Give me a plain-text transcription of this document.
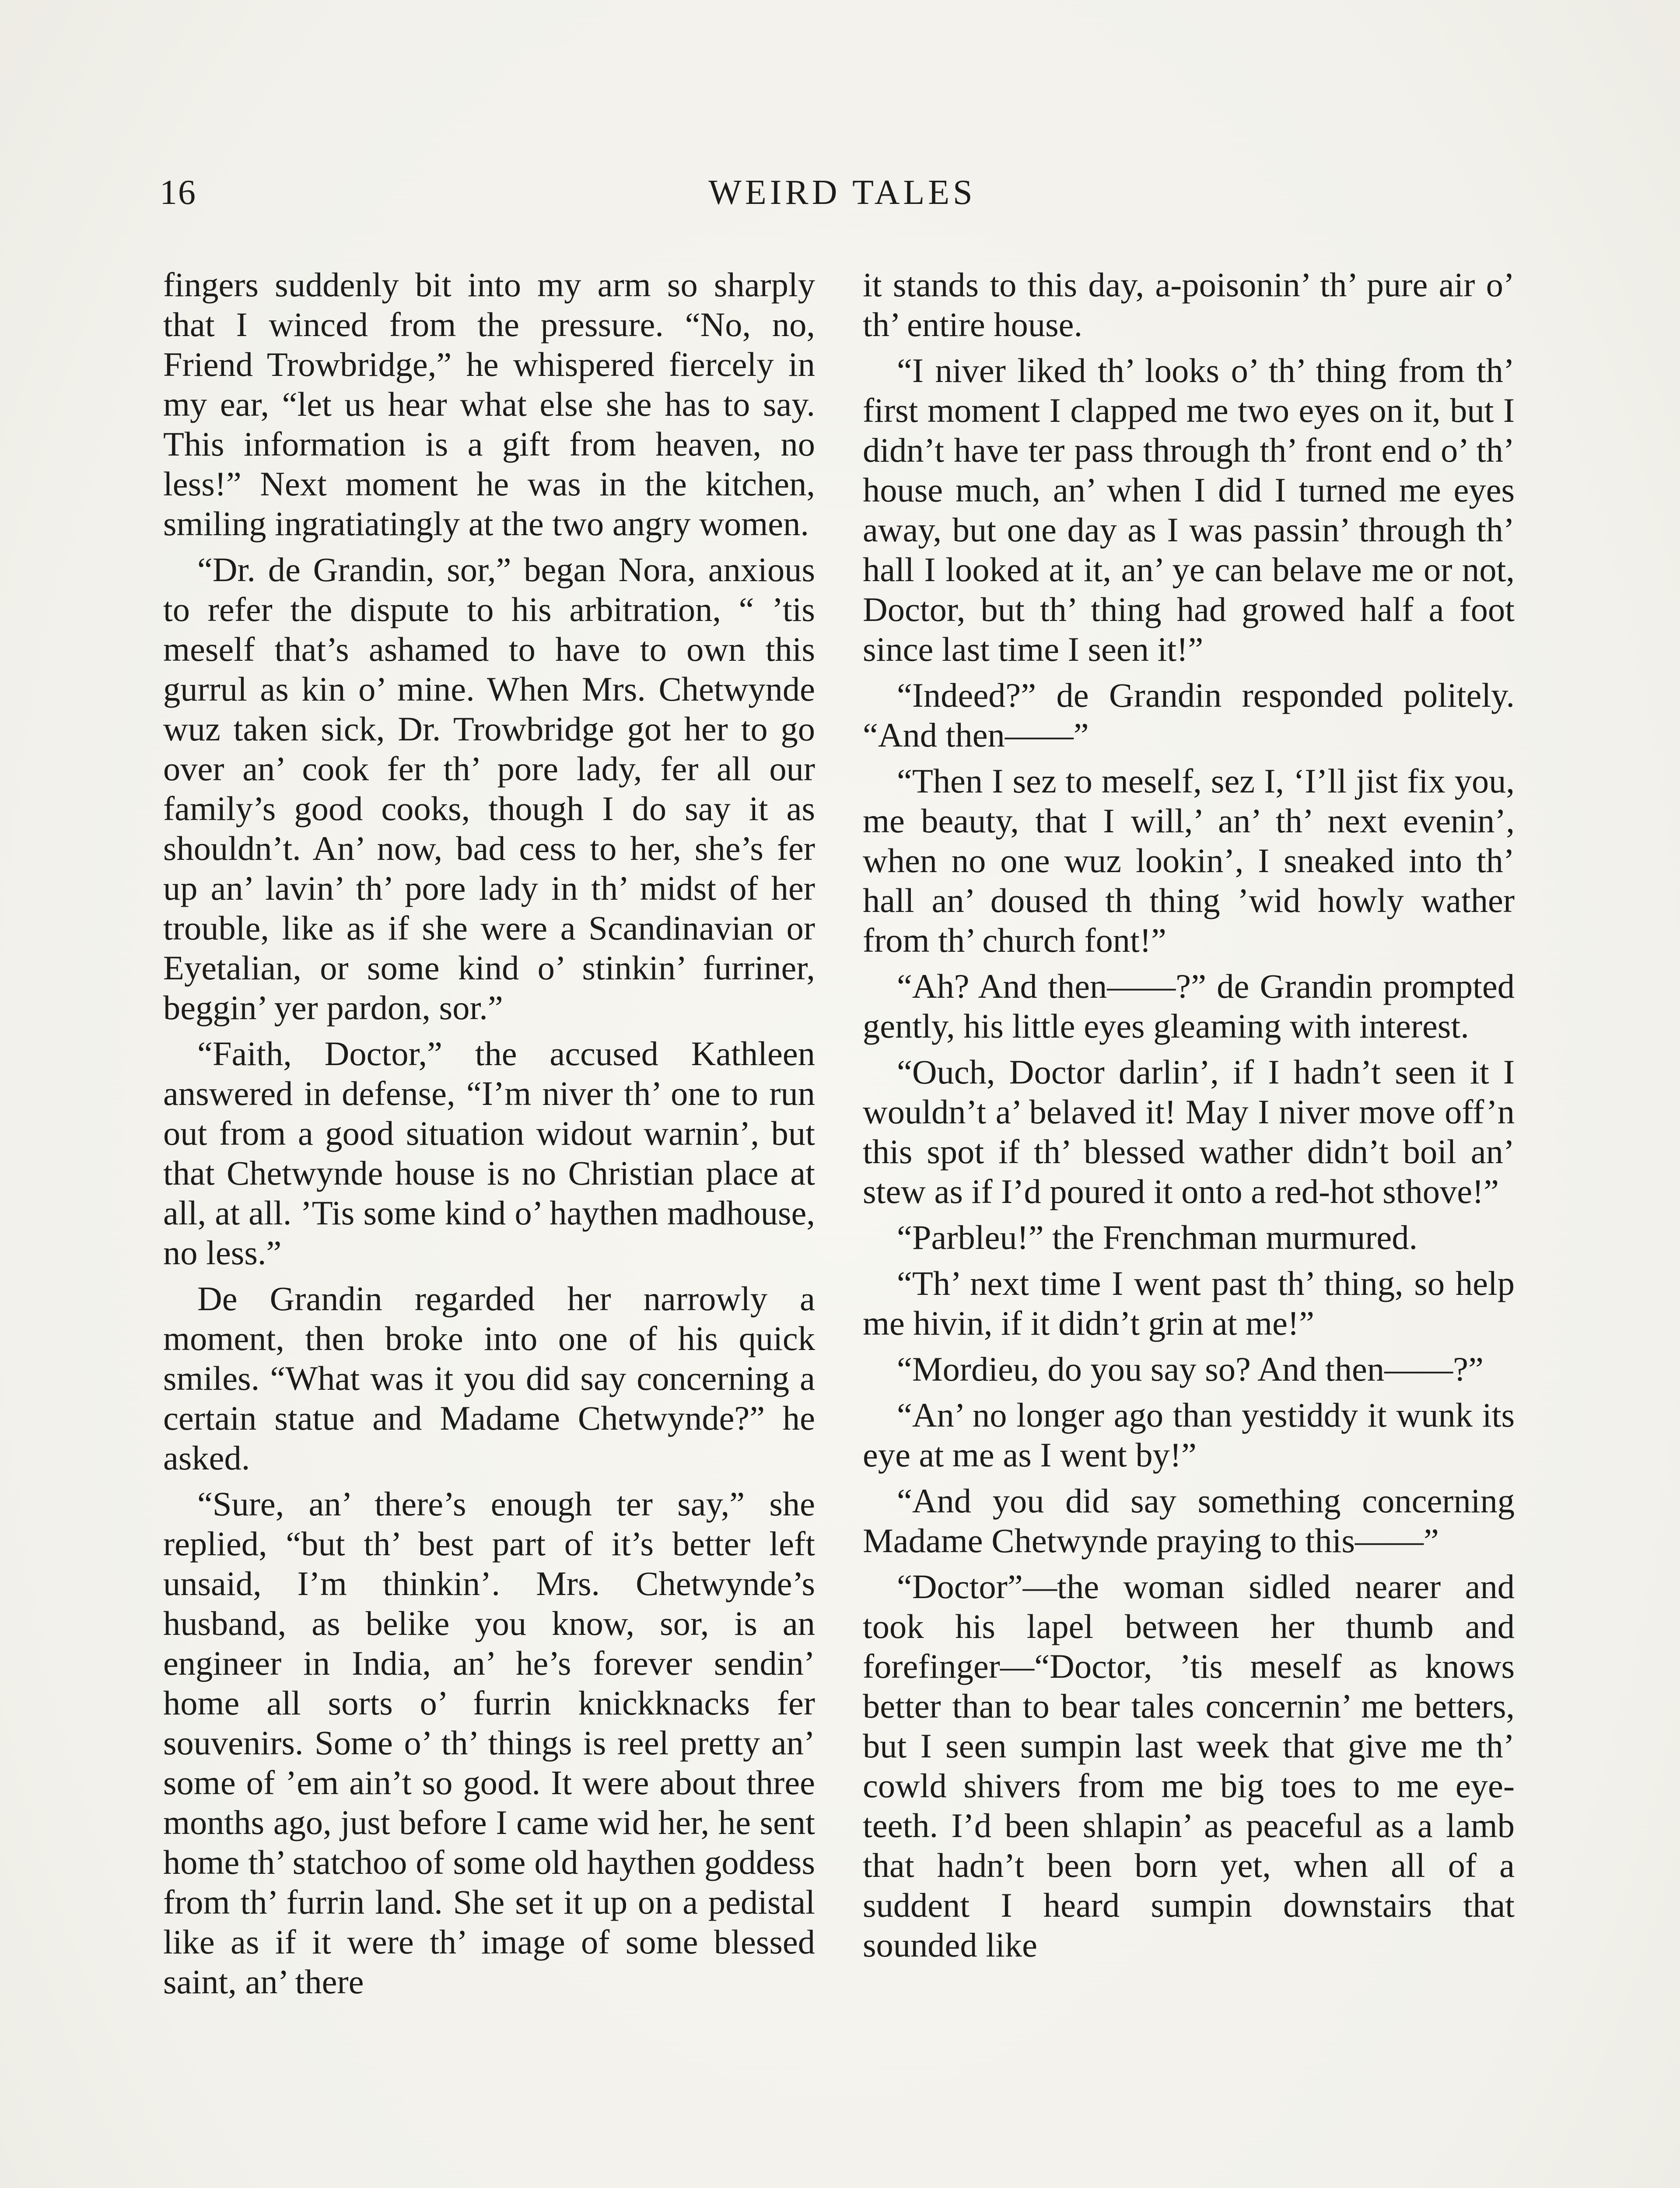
16	WEIRD TALES

fingers suddenly bit into my arm so sharply that I winced from the pressure. “No, no, Friend Trowbridge,” he whispered fiercely in my ear, “let us hear what else she has to say. This information is a gift from heaven, no less!” Next moment he was in the kitchen, smiling ingratiatingly at the two angry women.

“Dr. de Grandin, sor,” began Nora, anxious to refer the dispute to his arbitration, “ ’tis meself that’s ashamed to have to own this gurrul as kin o’ mine. When Mrs. Chetwynde wuz taken sick, Dr. Trowbridge got her to go over an’ cook fer th’ pore lady, fer all our family’s good cooks, though I do say it as shouldn’t. An’ now, bad cess to her, she’s fer up an’ lavin’ th’ pore lady in th’ midst of her trouble, like as if she were a Scandinavian or Eyetalian, or some kind o’ stinkin’ furriner, beggin’ yer pardon, sor.”

“Faith, Doctor,” the accused Kathleen answered in defense, “I’m niver th’ one to run out from a good situation widout warnin’, but that Chetwynde house is no Christian place at all, at all. ’Tis some kind o’ haythen madhouse, no less.”

De Grandin regarded her narrowly a moment, then broke into one of his quick smiles. “What was it you did say concerning a certain statue and Madame Chetwynde?” he asked.

“Sure, an’ there’s enough ter say,” she replied, “but th’ best part of it’s better left unsaid, I’m thinkin’. Mrs. Chetwynde’s husband, as belike you know, sor, is an engineer in India, an’ he’s forever sendin’ home all sorts o’ furrin knickknacks fer souvenirs. Some o’ th’ things is reel pretty an’ some of ’em ain’t so good. It were about three months ago, just before I came wid her, he sent home th’ statchoo of some old haythen goddess from th’ furrin land. She set it up on a pedistal like as if it were th’ image of some blessed saint, an’ there

it stands to this day, a-poisonin’ th’ pure air o’ th’ entire house.

“I niver liked th’ looks o’ th’ thing from th’ first moment I clapped me two eyes on it, but I didn’t have ter pass through th’ front end o’ th’ house much, an’ when I did I turned me eyes away, but one day as I was passin’ through th’ hall I looked at it, an’ ye can belave me or not, Doctor, but th’ thing had growed half a foot since last time I seen it!”

“Indeed?” de Grandin responded politely. “And then——”

“Then I sez to meself, sez I, ‘I’ll jist fix you, me beauty, that I will,’ an’ th’ next evenin’, when no one wuz lookin’, I sneaked into th’ hall an’ doused th thing ’wid howly wather from th’ church font!”

“Ah? And then——?” de Grandin prompted gently, his little eyes gleaming with interest.

“Ouch, Doctor darlin’, if I hadn’t seen it I wouldn’t a’ belaved it! May I niver move off’n this spot if th’ blessed wather didn’t boil an’ stew as if I’d poured it onto a red-hot sthove!”

“Parbleu!” the Frenchman murmured.

“Th’ next time I went past th’ thing, so help me hivin, if it didn’t grin at me!”

“Mordieu, do you say so? And then——?”

“An’ no longer ago than yestiddy it wunk its eye at me as I went by!”

“And you did say something concerning Madame Chetwynde praying to this——”

“Doctor”—the woman sidled nearer and took his lapel between her thumb and forefinger—“Doctor, ’tis meself as knows better than to bear tales concernin’ me betters, but I seen sumpin last week that give me th’ cowld shivers from me big toes to me eye-teeth. I’d been shlapin’ as peaceful as a lamb that hadn’t been born yet, when all of a suddent I heard sumpin downstairs that sounded like
